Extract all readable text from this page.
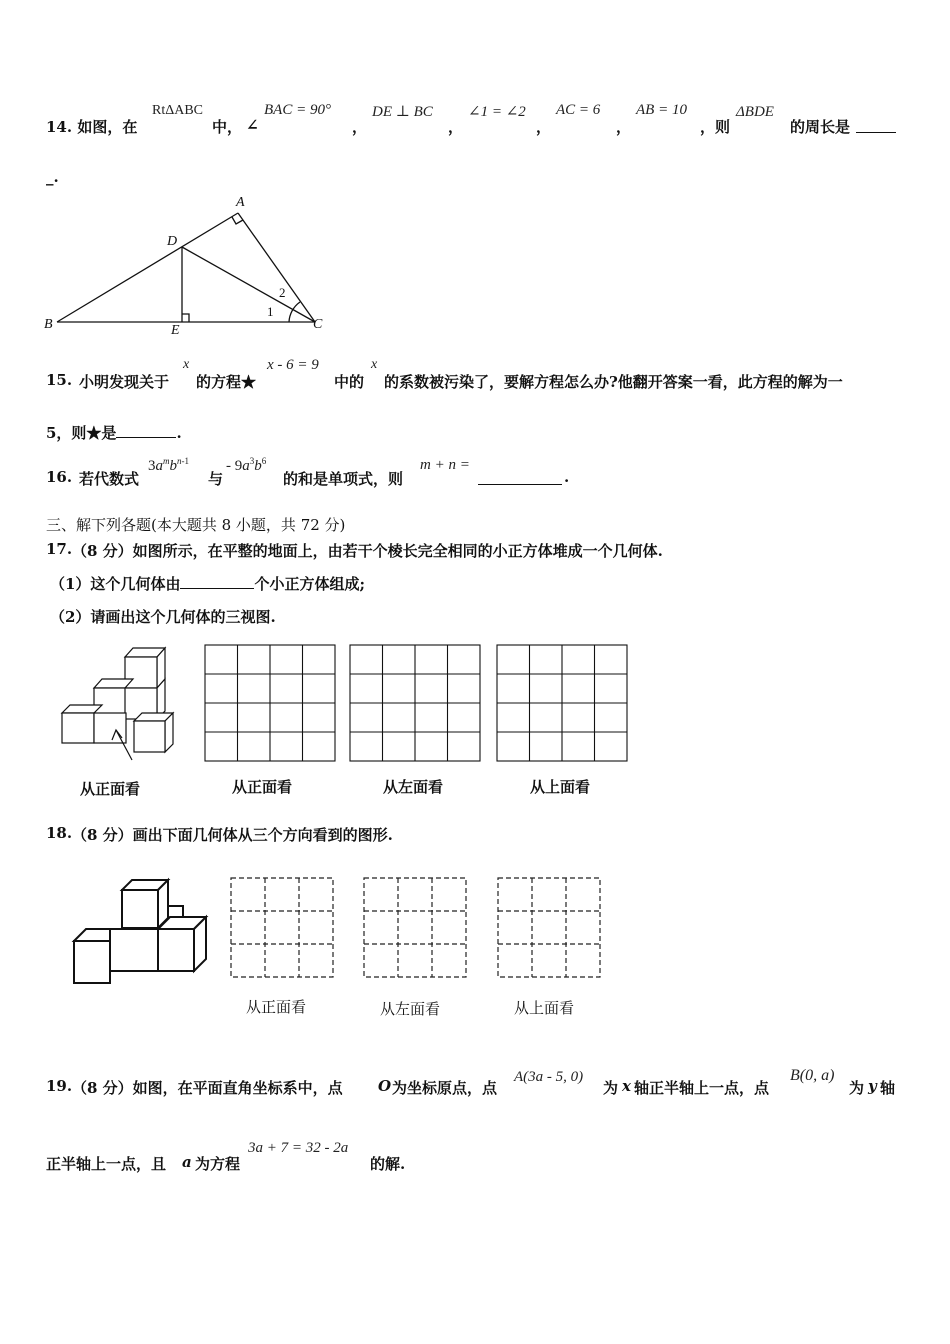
14. 如图，在
RtΔABC
中， ∠
BAC = 90°
，
DE ⊥ BC
，
∠1 = ∠2
，
AC = 6
，
AB = 10
，则
ΔBDE
的周长是
_.
A
B	C
D
E
1
2
15. 小明发现关于
x
的方程★
x - 6 = 9
中的
x
的系数被污染了，要解方程怎么办?他翻开答案一看，此方程的解为一
5，则★是	.
16. 若代数式
$3a^mb^{n-1}$
与
- $9a^3b^6$
的和是单项式，则
m + n =
.
三、解下列各题(本大题共 8 小题，共 72 分)
17. （8 分）如图所示，在平整的地面上，由若干个棱长完全相同的小正方体堆成一个几何体.
（1）这个几何体由	个小正方体组成;
（2）请画出这个几何体的三视图.
从正面看	从正面看	从左面看	从上面看
18. （8 分）画出下面几何体从三个方向看到的图形.
从正面看	从左面看	从上面看
19. （8 分）如图，在平面直角坐标系中，点 O 为坐标原点，点
A(3a - 5, 0)
为 x 轴正半轴上一点，点
B(0, a)
为 y 轴
正半轴上一点，且 a 为方程
3a + 7 = 32 - 2a
的解.
